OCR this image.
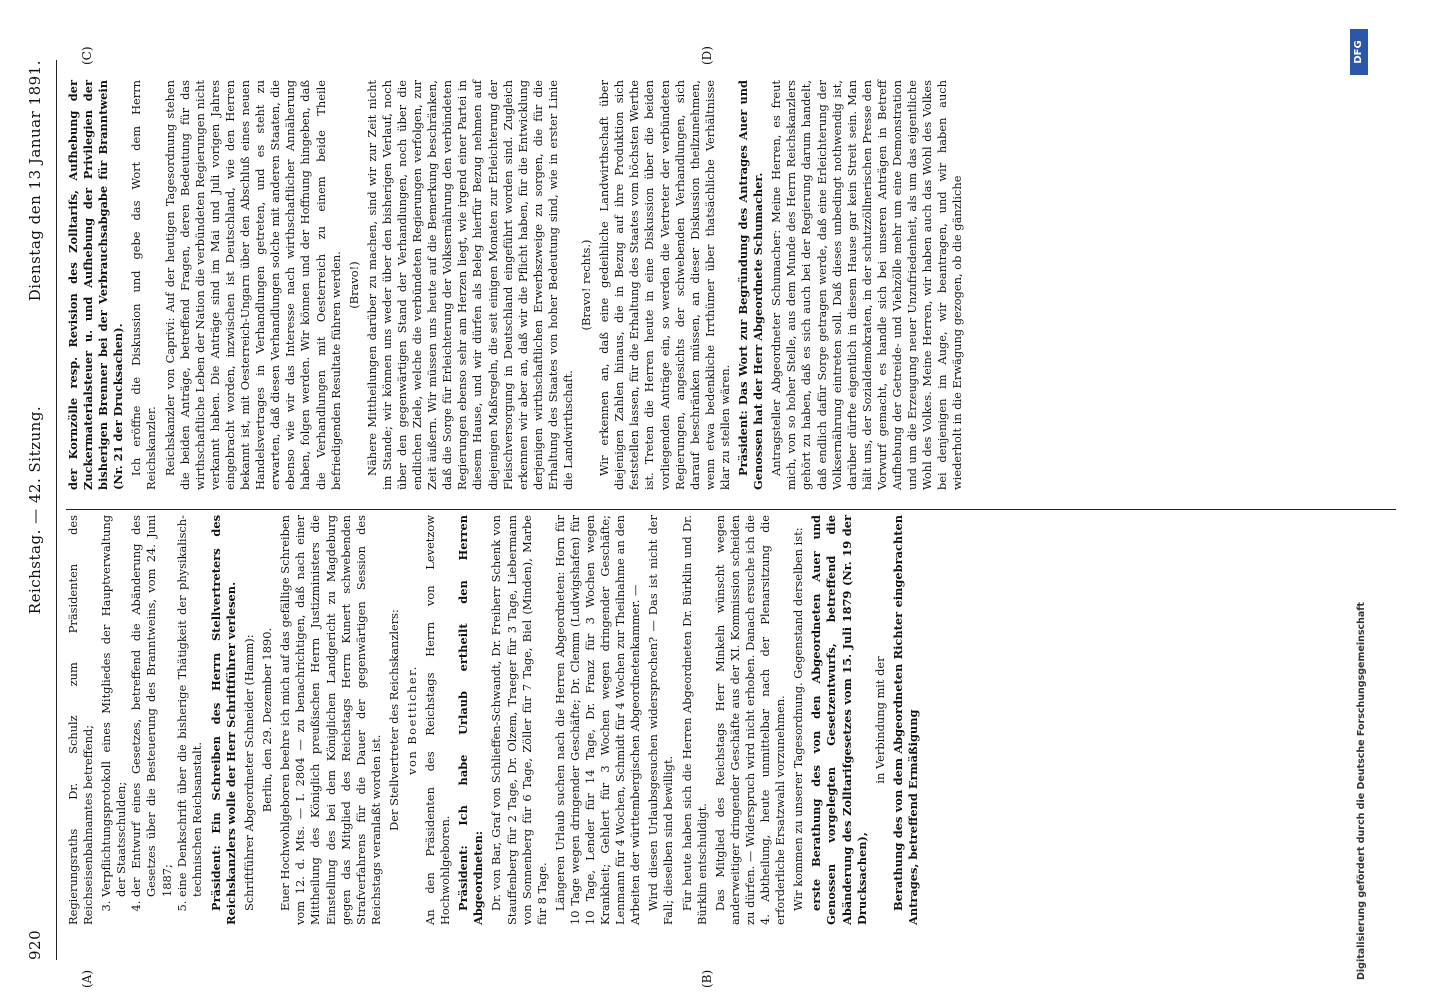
920
Reichstag. — 42. Sitzung.
Dienstag den 13 Januar 1891.
(A)	(B)
(C)	(D)

Regierungsraths Dr. Schulz zum Präsidenten des Reichseisenbahnamtes betreffend; 3. Verpflichtungsprotokoll eines Mitgliedes der Hauptverwaltung der Staatsschulden; 4. der Entwurf eines Gesetzes, betreffend die Abänderung des Gesetzes über die Besteuerung des Branntweins, vom 24. Juni 1887; 5. eine Denkschrift über die bisherige Thätigkeit der physikalisch-technischen Reichsanstalt. Präsident: Ein Schreiben des Herrn Stellvertreters des Reichskanzlers wolle der Herr Schriftführer verlesen. Schriftführer Abgeordneter Schneider (Hamm): Berlin, den 29. Dezember 1890. Euer Hochwohlgeboren beehre ich mich auf das gefällige Schreiben vom 12. d. Mts. — I. 2804 — zu benachrichtigen, daß nach einer Mittheilung des Königlich preußischen Herrn Justizministers die Einstellung des bei dem Königlichen Landgericht zu Magdeburg gegen das Mitglied des Reichstags Herrn Kunert schwebenden Strafverfahrens für die Dauer der gegenwärtigen Session des Reichstags veranlaßt worden ist. Der Stellvertreter des Reichskanzlers: von Boetticher. An den Präsidenten des Reichstags Herrn von Levetzow Hochwohlgeboren. Präsident: Ich habe Urlaub ertheilt den Herren Abgeordneten: Dr. von Bar, Graf von Schlieffen-Schwandt, Dr. Freiherr Schenk von Stauffenberg für 2 Tage, Dr. Olzem, Traeger für 3 Tage, Liebermann von Sonnenberg für 6 Tage, Zöller für 7 Tage, Biel (Minden), Marbe für 8 Tage. Längeren Urlaub suchen nach die Herren Abgeordneten: Horn für 10 Tage wegen dringender Geschäfte; Dr. Clemm (Ludwigshafen) für 10 Tage, Lender für 14 Tage, Dr. Franz für 3 Wochen wegen Krankheit; Gehlert für 3 Wochen wegen dringender Geschäfte; Lenmann für 4 Wochen, Schmidt für 4 Wochen zur Theilnahme an den Arbeiten der württembergischen Abgeordnetenkammer. — Wird diesen Urlaubsgesuchen widersprochen? — Das ist nicht der Fall; dieselben sind bewilligt. Für heute haben sich die Herren Abgeordneten Dr. Bürklin und Dr. Bürklin entschuldigt. Das Mitglied des Reichstags Herr Minkeln wünscht wegen anderweitiger dringender Geschäfte aus der XI. Kommission scheiden zu dürfen. — Widerspruch wird nicht erhoben. Danach ersuche ich die 4. Abtheilung, heute unmittelbar nach der Plenarsitzung die erforderliche Ersatzwahl vorzunehmen. Wir kommen zu unserer Tagesordnung. Gegenstand derselben ist: erste Berathung des von den Abgeordneten Auer und Genossen vorgelegten Gesetzentwurfs, betreffend die Abänderung des Zolltarifgesetzes vom 15. Juli 1879 (Nr. 19 der Drucksachen),

in Verbindung mit der Berathung des von dem Abgeordneten Richter eingebrachten Antrages, betreffend Ermäßigung

der Kornzölle resp. Revision des Zolltarifs, Aufhebung der Zuckermaterialsteuer u. und Aufhebung der Privilegien der bisherigen Brenner bei der Verbrauchsabgabe für Branntwein (Nr. 21 der Drucksachen). Ich eröffne die Diskussion und gebe das Wort dem Herrn Reichskanzler. Reichskanzler von Caprivi: Auf der heutigen Tagesordnung stehen die beiden Anträge, betreffend Fragen, deren Bedeutung für das wirthschaftliche Leben der Nation die verbündeten Regierungen nicht verkannt haben. Die Anträge sind im Mai und Juli vorigen Jahres eingebracht worden, inzwischen ist Deutschland, wie den Herren bekannt ist, mit Oesterreich-Ungarn über den Abschluß eines neuen Handelsvertrages in Verhandlungen getreten, und es steht zu erwarten, daß diesen Verhandlungen solche mit anderen Staaten, die ebenso wie wir das Interesse nach wirthschaftlicher Annäherung haben, folgen werden. Wir können und der Hoffnung hingeben, daß die Verhandlungen mit Oesterreich zu einem beide Theile befriedigenden Resultate führen werden. (Bravo!) Nähere Mittheilungen darüber zu machen, sind wir zur Zeit nicht im Stande; wir können uns weder über den bisherigen Verlauf, noch über den gegenwärtigen Stand der Verhandlungen, noch über die endlichen Ziele, welche die verbündeten Regierungen verfolgen, zur Zeit äußern. Wir müssen uns heute auf die Bemerkung beschränken, daß die Sorge für Erleichterung der Volksernährung den verbündeten Regierungen ebenso sehr am Herzen liegt, wie irgend einer Partei in diesem Hause, und wir dürfen als Beleg hierfür Bezug nehmen auf diejenigen Maßregeln, die seit einigen Monaten zur Erleichterung der Fleischversorgung in Deutschland eingeführt worden sind. Zugleich erkennen wir aber an, daß wir die Pflicht haben, für die Entwicklung derjenigen wirthschaftlichen Erwerbszweige zu sorgen, die für die Erhaltung des Staates von hoher Bedeutung sind, wie in erster Linie die Landwirthschaft.

(Bravo! rechts.) Wir erkennen an, daß eine gedeihliche Landwirthschaft über diejenigen Zahlen hinaus, die in Bezug auf ihre Produktion sich feststellen lassen, für die Erhaltung des Staates vom höchsten Werthe ist. Treten die Herren heute in eine Diskussion über die beiden vorliegenden Anträge ein, so werden die Vertreter der verbündeten Regierungen, angesichts der schwebenden Verhandlungen, sich darauf beschränken müssen, an dieser Diskussion theilzunehmen, wenn etwa bedenkliche Irrthümer über thatsächliche Verhältnisse klar zu stellen wären. Präsident: Das Wort zur Begründung des Antrages Auer und Genossen hat der Herr Abgeordnete Schumacher. Antragsteller Abgeordneter Schumacher: Meine Herren, es freut mich, von so hoher Stelle, aus dem Munde des Herrn Reichskanzlers gehört zu haben, daß es sich auch bei der Regierung darum handelt, daß endlich dafür Sorge getragen werde, daß eine Erleichterung der Volksernährung eintreten soll. Daß dieses unbedingt nothwendig ist, darüber dürfte eigentlich in diesem Hause gar kein Streit sein. Man hält uns, der Sozialdemokraten, in der schutzzöllnerischen Presse den Vorwurf gemacht, es handle sich bei unseren Anträgen in Betreff Aufhebung der Getreide- und Viehzölle mehr um eine Demonstration und um die Erzeugung neuer Unzufriedenheit, als um das eigentliche Wohl des Volkes. Meine Herren, wir haben auch das Wohl des Volkes bei denjenigen im Auge, wir beantragen, und wir haben auch wiederholt in die Erwägung gezogen, ob die gänzliche

Digitalisierung gefördert durch die Deutsche Forschungsgemeinschaft
DFG
